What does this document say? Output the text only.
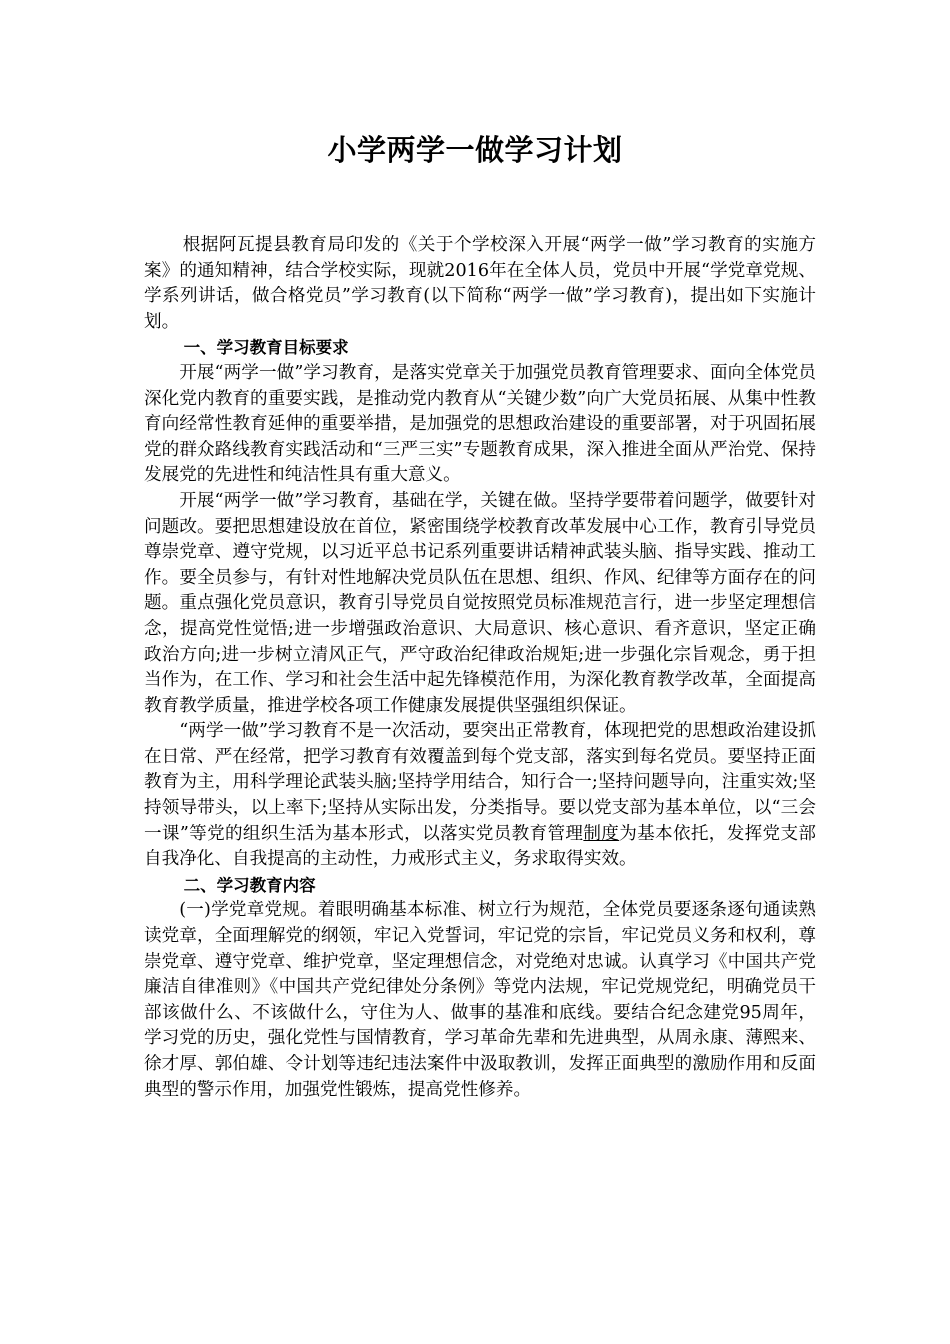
小学两学一做学习计划

根据阿瓦提县教育局印发的《关于个学校深入开展“两学一做”学习教育的实施方案》的通知精神，结合学校实际，现就2016年在全体人员，党员中开展“学党章党规、学系列讲话，做合格党员”学习教育(以下简称“两学一做”学习教育)，提出如下实施计划。

一、学习教育目标要求

开展“两学一做”学习教育，是落实党章关于加强党员教育管理要求、面向全体党员深化党内教育的重要实践，是推动党内教育从“关键少数”向广大党员拓展、从集中性教育向经常性教育延伸的重要举措，是加强党的思想政治建设的重要部署，对于巩固拓展党的群众路线教育实践活动和“三严三实”专题教育成果，深入推进全面从严治党、保持发展党的先进性和纯洁性具有重大意义。

开展“两学一做”学习教育，基础在学，关键在做。坚持学要带着问题学，做要针对问题改。要把思想建设放在首位，紧密围绕学校教育改革发展中心工作，教育引导党员尊崇党章、遵守党规，以习近平总书记系列重要讲话精神武装头脑、指导实践、推动工作。要全员参与，有针对性地解决党员队伍在思想、组织、作风、纪律等方面存在的问题。重点强化党员意识，教育引导党员自觉按照党员标准规范言行，进一步坚定理想信念，提高党性觉悟;进一步增强政治意识、大局意识、核心意识、看齐意识，坚定正确政治方向;进一步树立清风正气，严守政治纪律政治规矩;进一步强化宗旨观念，勇于担当作为，在工作、学习和社会生活中起先锋模范作用，为深化教育教学改革，全面提高教育教学质量，推进学校各项工作健康发展提供坚强组织保证。

“两学一做”学习教育不是一次活动，要突出正常教育，体现把党的思想政治建设抓在日常、严在经常，把学习教育有效覆盖到每个党支部，落实到每名党员。要坚持正面教育为主，用科学理论武装头脑;坚持学用结合，知行合一;坚持问题导向，注重实效;坚持领导带头，以上率下;坚持从实际出发，分类指导。要以党支部为基本单位，以“三会一课”等党的组织生活为基本形式，以落实党员教育管理制度为基本依托，发挥党支部自我净化、自我提高的主动性，力戒形式主义，务求取得实效。

二、学习教育内容

(一)学党章党规。着眼明确基本标准、树立行为规范，全体党员要逐条逐句通读熟读党章，全面理解党的纲领，牢记入党誓词，牢记党的宗旨，牢记党员义务和权利，尊崇党章、遵守党章、维护党章，坚定理想信念，对党绝对忠诚。认真学习《中国共产党廉洁自律准则》《中国共产党纪律处分条例》等党内法规，牢记党规党纪，明确党员干部该做什么、不该做什么，守住为人、做事的基准和底线。要结合纪念建党95周年，学习党的历史，强化党性与国情教育，学习革命先辈和先进典型，从周永康、薄熙来、徐才厚、郭伯雄、令计划等违纪违法案件中汲取教训，发挥正面典型的激励作用和反面典型的警示作用，加强党性锻炼，提高党性修养。
